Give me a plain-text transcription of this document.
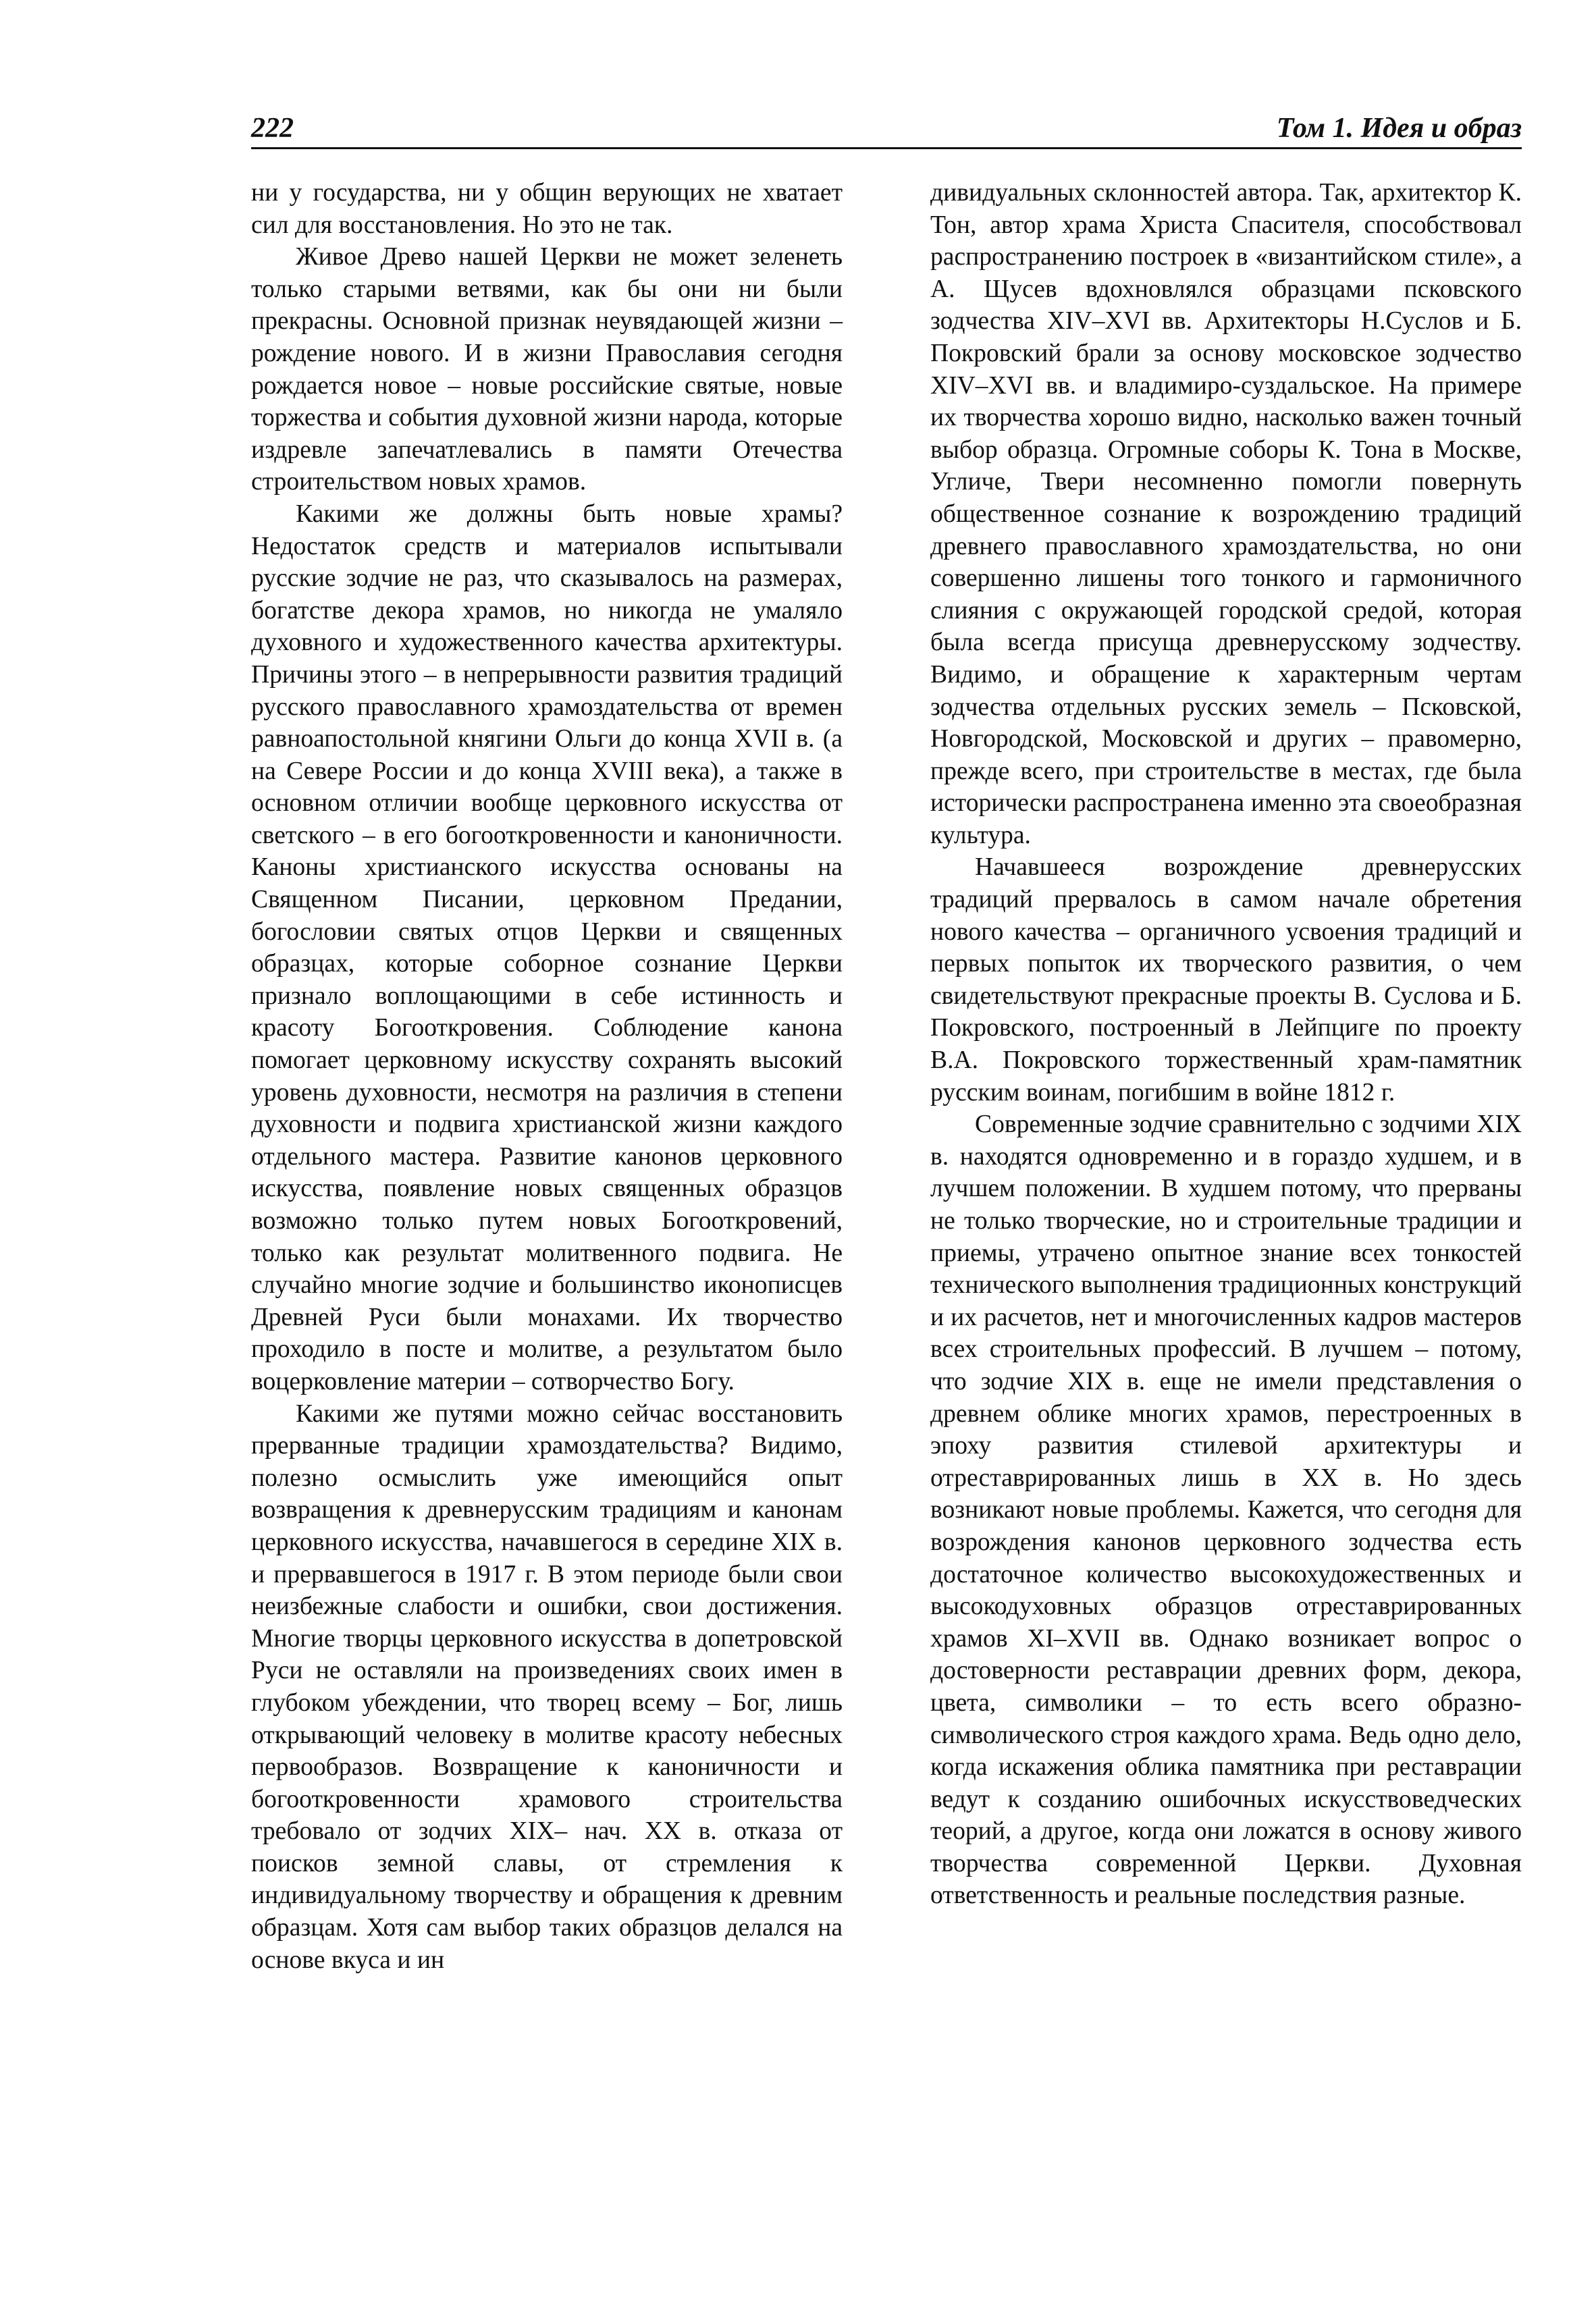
222	Том 1. Идея и образ

ни у государства, ни у общин верующих не хватает сил для восстановления. Но это не так.

Живое Древо нашей Церкви не может зеленеть только старыми ветвями, как бы они ни были прекрасны. Основной признак неувядающей жизни – рождение нового. И в жизни Православия сегодня рождается новое – новые российские святые, новые торжества и события духовной жизни народа, которые издревле запечатлевались в памяти Отечества строительством новых храмов.

Какими же должны быть новые храмы? Недостаток средств и материалов испытывали русские зодчие не раз, что сказывалось на размерах, богатстве декора храмов, но никогда не умаляло духовного и художественного качества архитектуры. Причины этого – в непрерывности развития традиций русского православного храмоздательства от времен равноапостольной княгини Ольги до конца XVII в. (а на Севере России и до конца XVIII века), а также в основном отличии вообще церковного искусства от светского – в его богооткровенности и каноничности. Каноны христианского искусства основаны на Священном Писании, церковном Предании, богословии святых отцов Церкви и священных образцах, которые соборное сознание Церкви признало воплощающими в себе истинность и красоту Богооткровения. Соблюдение канона помогает церковному искусству сохранять высокий уровень духовности, несмотря на различия в степени духовности и подвига христианской жизни каждого отдельного мастера. Развитие канонов церковного искусства, появление новых священных образцов возможно только путем новых Богооткровений, только как результат молитвенного подвига. Не случайно многие зодчие и большинство иконописцев Древней Руси были монахами. Их творчество проходило в посте и молитве, а результатом было воцерковление материи – сотворчество Богу.

Какими же путями можно сейчас восстановить прерванные традиции храмоздательства? Видимо, полезно осмыслить уже имеющийся опыт возвращения к древнерусским традициям и канонам церковного искусства, начавшегося в середине XIX в. и прервавшегося в 1917 г. В этом периоде были свои неизбежные слабости и ошибки, свои достижения. Многие творцы церковного искусства в допетровской Руси не оставляли на произведениях своих имен в глубоком убеждении, что творец всему – Бог, лишь открывающий человеку в молитве красоту небесных первообразов. Возвращение к каноничности и богооткровенности храмового строительства требовало от зодчих XIX– нач. XX в. отказа от поисков земной славы, от стремления к индивидуальному творчеству и обращения к древним образцам. Хотя сам выбор таких образцов делался на основе вкуса и ин

дивидуальных склонностей автора. Так, архитектор К. Тон, автор храма Христа Спасителя, способствовал распространению построек в «византийском стиле», а А. Щусев вдохновлялся образцами псковского зодчества XIV–XVI вв. Архитекторы Н.Суслов и Б. Покровский брали за основу московское зодчество XIV–XVI вв. и владимиро-суздальское. На примере их творчества хорошо видно, насколько важен точный выбор образца. Огромные соборы К. Тона в Москве, Угличе, Твери несомненно помогли повернуть общественное сознание к возрождению традиций древнего православного храмоздательства, но они совершенно лишены того тонкого и гармоничного слияния с окружающей городской средой, которая была всегда присуща древнерусскому зодчеству. Видимо, и обращение к характерным чертам зодчества отдельных русских земель – Псковской, Новгородской, Московской и других – правомерно, прежде всего, при строительстве в местах, где была исторически распространена именно эта своеобразная культура.

Начавшееся возрождение древнерусских традиций прервалось в самом начале обретения нового качества – органичного усвоения традиций и первых попыток их творческого развития, о чем свидетельствуют прекрасные проекты В. Суслова и Б. Покровского, построенный в Лейпциге по проекту В.А. Покровского торжественный храм-памятник русским воинам, погибшим в войне 1812 г.

Современные зодчие сравнительно с зодчими XIX в. находятся одновременно и в гораздо худшем, и в лучшем положении. В худшем потому, что прерваны не только творческие, но и строительные традиции и приемы, утрачено опытное знание всех тонкостей технического выполнения традиционных конструкций и их расчетов, нет и многочисленных кадров мастеров всех строительных профессий. В лучшем – потому, что зодчие XIX в. еще не имели представления о древнем облике многих храмов, перестроенных в эпоху развития стилевой архитектуры и отреставрированных лишь в XX в. Но здесь возникают новые проблемы. Кажется, что сегодня для возрождения канонов церковного зодчества есть достаточное количество высокохудожественных и высокодуховных образцов отреставрированных храмов XI–XVII вв. Однако возникает вопрос о достоверности реставрации древних форм, декора, цвета, символики – то есть всего образно-символического строя каждого храма. Ведь одно дело, когда искажения облика памятника при реставрации ведут к созданию ошибочных искусствоведческих теорий, а другое, когда они ложатся в основу живого творчества современной Церкви. Духовная ответственность и реальные последствия разные.
